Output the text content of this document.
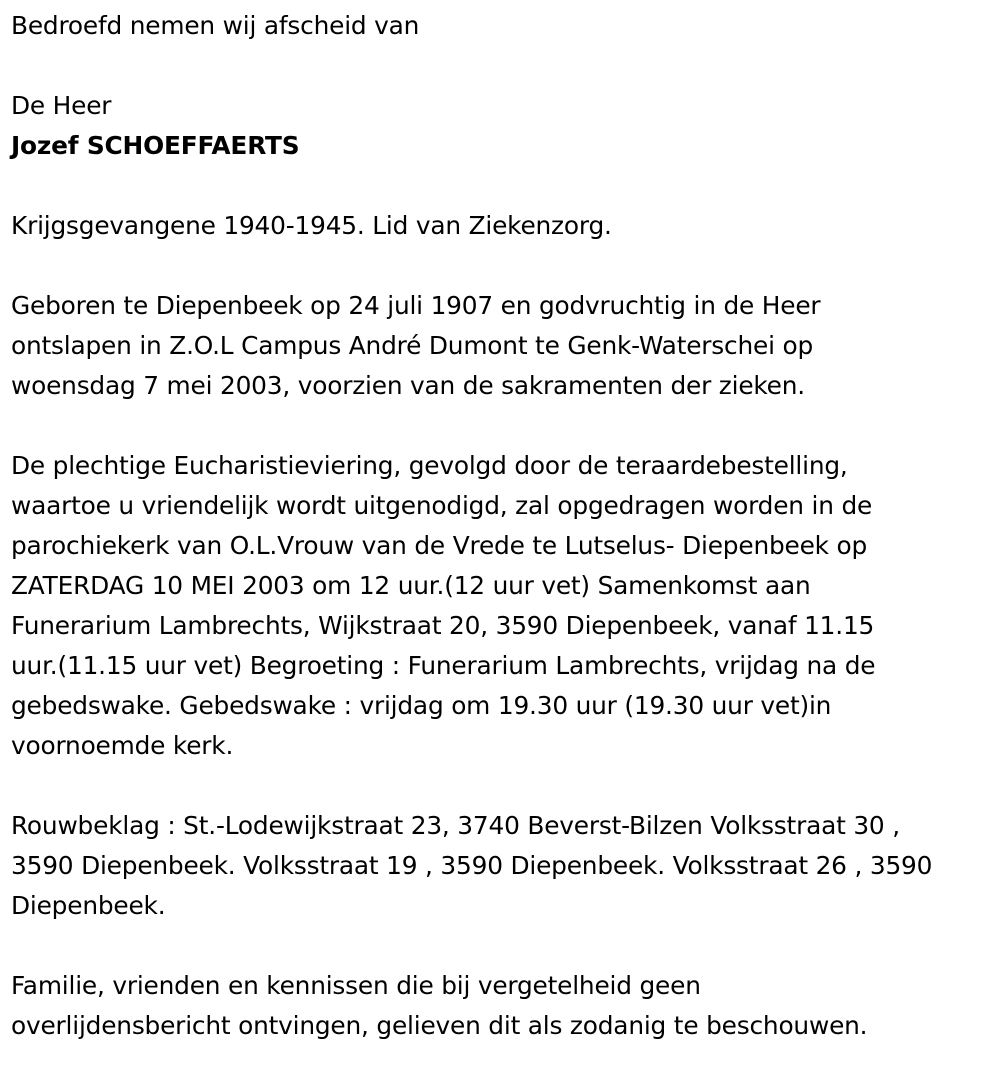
Bedroefd nemen wij afscheid van
De Heer
Jozef SCHOEFFAERTS
Krijgsgevangene 1940-1945. Lid van Ziekenzorg.
Geboren te Diepenbeek op 24 juli 1907 en godvruchtig in de Heer
ontslapen in Z.O.L Campus André Dumont te Genk-Waterschei op
woensdag 7 mei 2003, voorzien van de sakramenten der zieken.
De plechtige Eucharistieviering, gevolgd door de teraardebestelling,
waartoe u vriendelijk wordt uitgenodigd, zal opgedragen worden in de
parochiekerk van O.L.Vrouw van de Vrede te Lutselus- Diepenbeek op
ZATERDAG 10 MEI 2003 om 12 uur.(12 uur vet) Samenkomst aan
Funerarium Lambrechts, Wijkstraat 20, 3590 Diepenbeek, vanaf 11.15
uur.(11.15 uur vet) Begroeting : Funerarium Lambrechts, vrijdag na de
gebedswake. Gebedswake : vrijdag om 19.30 uur (19.30 uur vet)in
voornoemde kerk.
Rouwbeklag : St.-Lodewijkstraat 23, 3740 Beverst-Bilzen Volksstraat 30 ,
3590 Diepenbeek. Volksstraat 19 , 3590 Diepenbeek. Volksstraat 26 , 3590
Diepenbeek.
Familie, vrienden en kennissen die bij vergetelheid geen
overlijdensbericht ontvingen, gelieven dit als zodanig te beschouwen.
